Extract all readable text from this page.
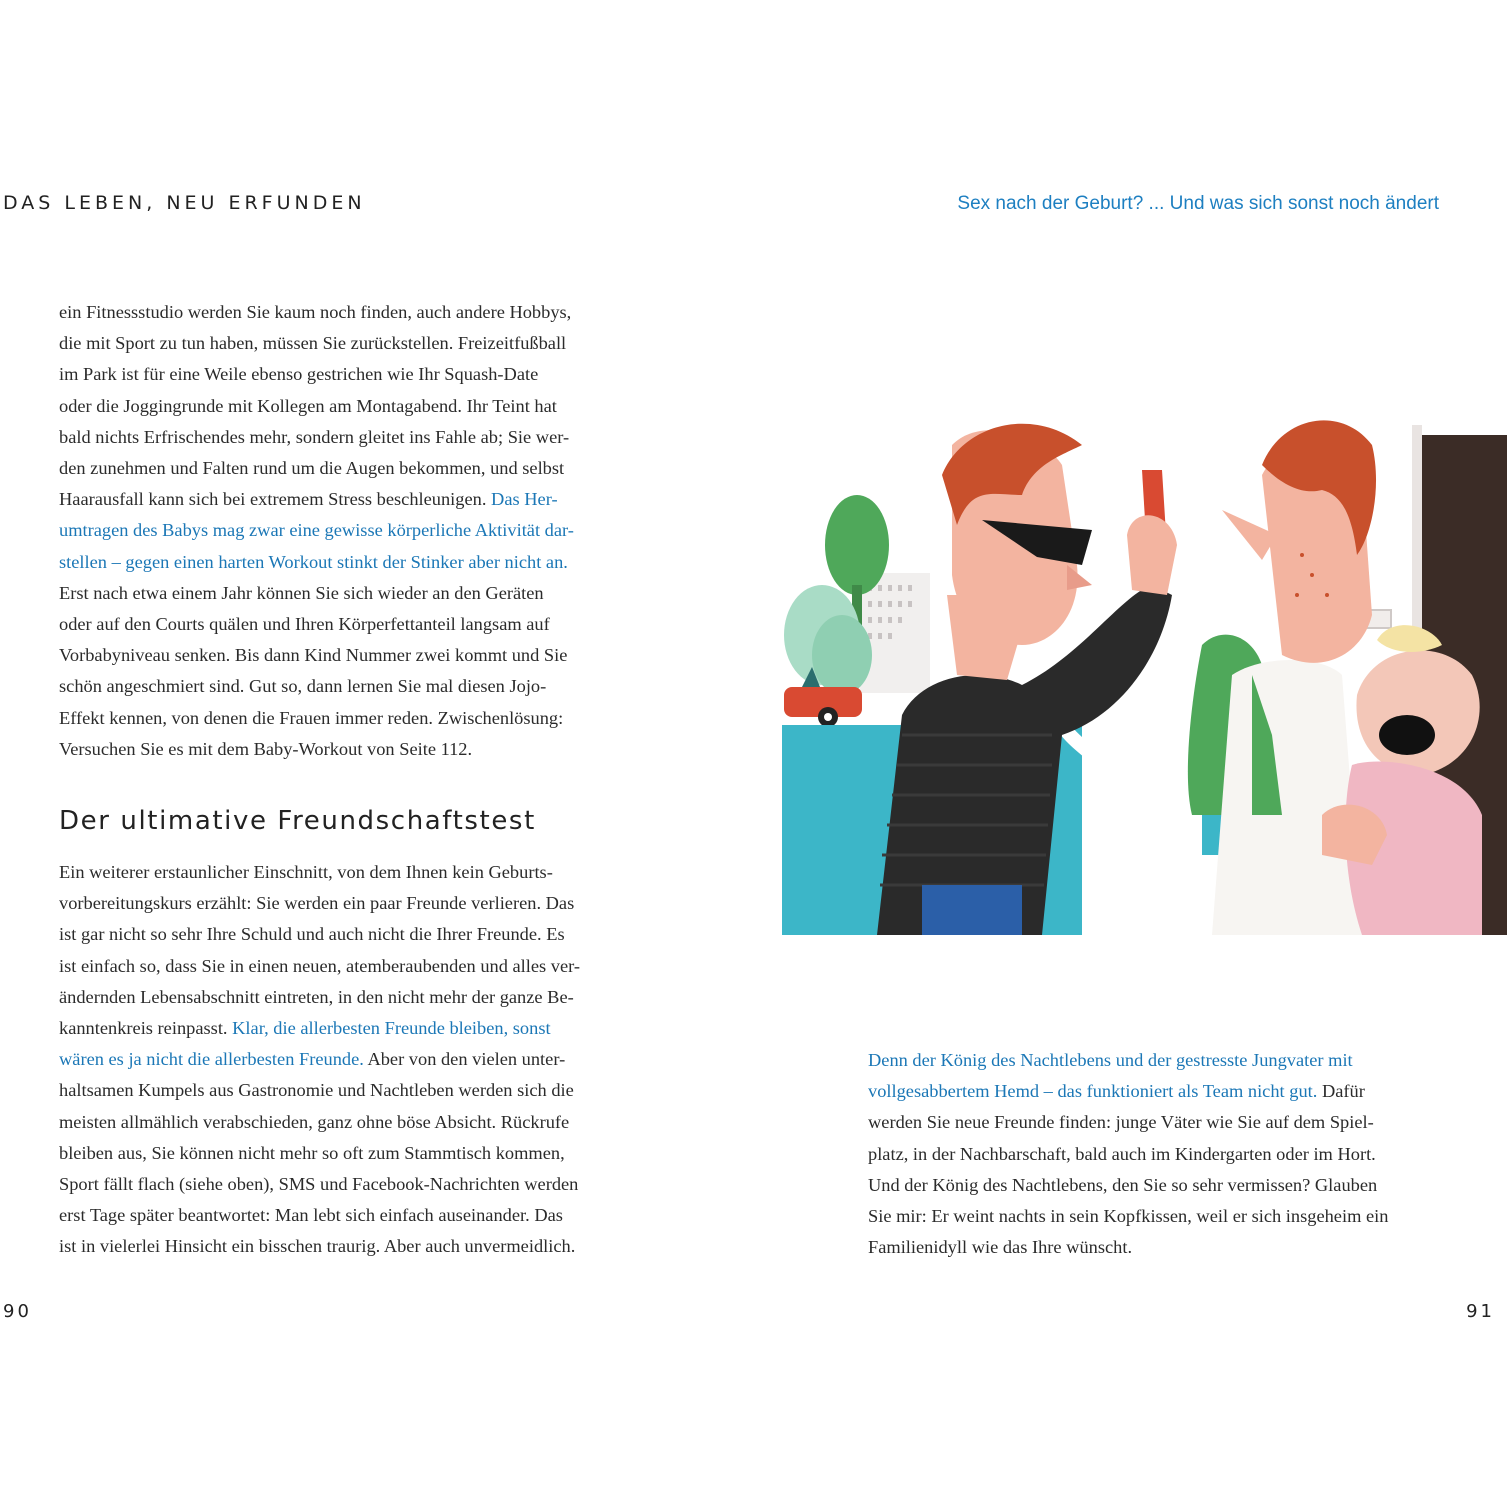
DAS LEBEN, NEU ERFUNDEN	Sex nach der Geburt? ... Und was sich sonst noch ändert

ein Fitnessstudio werden Sie kaum noch finden, auch andere Hobbys,
die mit Sport zu tun haben, müssen Sie zurückstellen. Freizeitfußball
im Park ist für eine Weile ebenso gestrichen wie Ihr Squash-Date
oder die Joggingrunde mit Kollegen am Montagabend. Ihr Teint hat
bald nichts Erfrischendes mehr, sondern gleitet ins Fahle ab; Sie wer-
den zunehmen und Falten rund um die Augen bekommen, und selbst
Haarausfall kann sich bei extremem Stress beschleunigen. Das Her-
umtragen des Babys mag zwar eine gewisse körperliche Aktivität dar-
stellen – gegen einen harten Workout stinkt der Stinker aber nicht an.
Erst nach etwa einem Jahr können Sie sich wieder an den Geräten
oder auf den Courts quälen und Ihren Körperfettanteil langsam auf
Vorbabyniveau senken. Bis dann Kind Nummer zwei kommt und Sie
schön angeschmiert sind. Gut so, dann lernen Sie mal diesen Jojo-
Effekt kennen, von denen die Frauen immer reden. Zwischenlösung:
Versuchen Sie es mit dem Baby-Workout von Seite 112.

Der ultimative Freundschaftstest

Ein weiterer erstaunlicher Einschnitt, von dem Ihnen kein Geburts-
vorbereitungskurs erzählt: Sie werden ein paar Freunde verlieren. Das
ist gar nicht so sehr Ihre Schuld und auch nicht die Ihrer Freunde. Es
ist einfach so, dass Sie in einen neuen, atemberaubenden und alles ver-
ändernden Lebensabschnitt eintreten, in den nicht mehr der ganze Be-
kanntenkreis reinpasst. Klar, die allerbesten Freunde bleiben, sonst
wären es ja nicht die allerbesten Freunde. Aber von den vielen unter-
haltsamen Kumpels aus Gastronomie und Nachtleben werden sich die
meisten allmählich verabschieden, ganz ohne böse Absicht. Rückrufe
bleiben aus, Sie können nicht mehr so oft zum Stammtisch kommen,
Sport fällt flach (siehe oben), SMS und Facebook-Nachrichten werden
erst Tage später beantwortet: Man lebt sich einfach auseinander. Das
ist in vielerlei Hinsicht ein bisschen traurig. Aber auch unvermeidlich.

90

Denn der König des Nachtlebens und der gestresste Jungvater mit
vollgesabbertem Hemd – das funktioniert als Team nicht gut. Dafür
werden Sie neue Freunde finden: junge Väter wie Sie auf dem Spiel-
platz, in der Nachbarschaft, bald auch im Kindergarten oder im Hort.
Und der König des Nachtlebens, den Sie so sehr vermissen? Glauben
Sie mir: Er weint nachts in sein Kopfkissen, weil er sich insgeheim ein
Familienidyll wie das Ihre wünscht.

91
